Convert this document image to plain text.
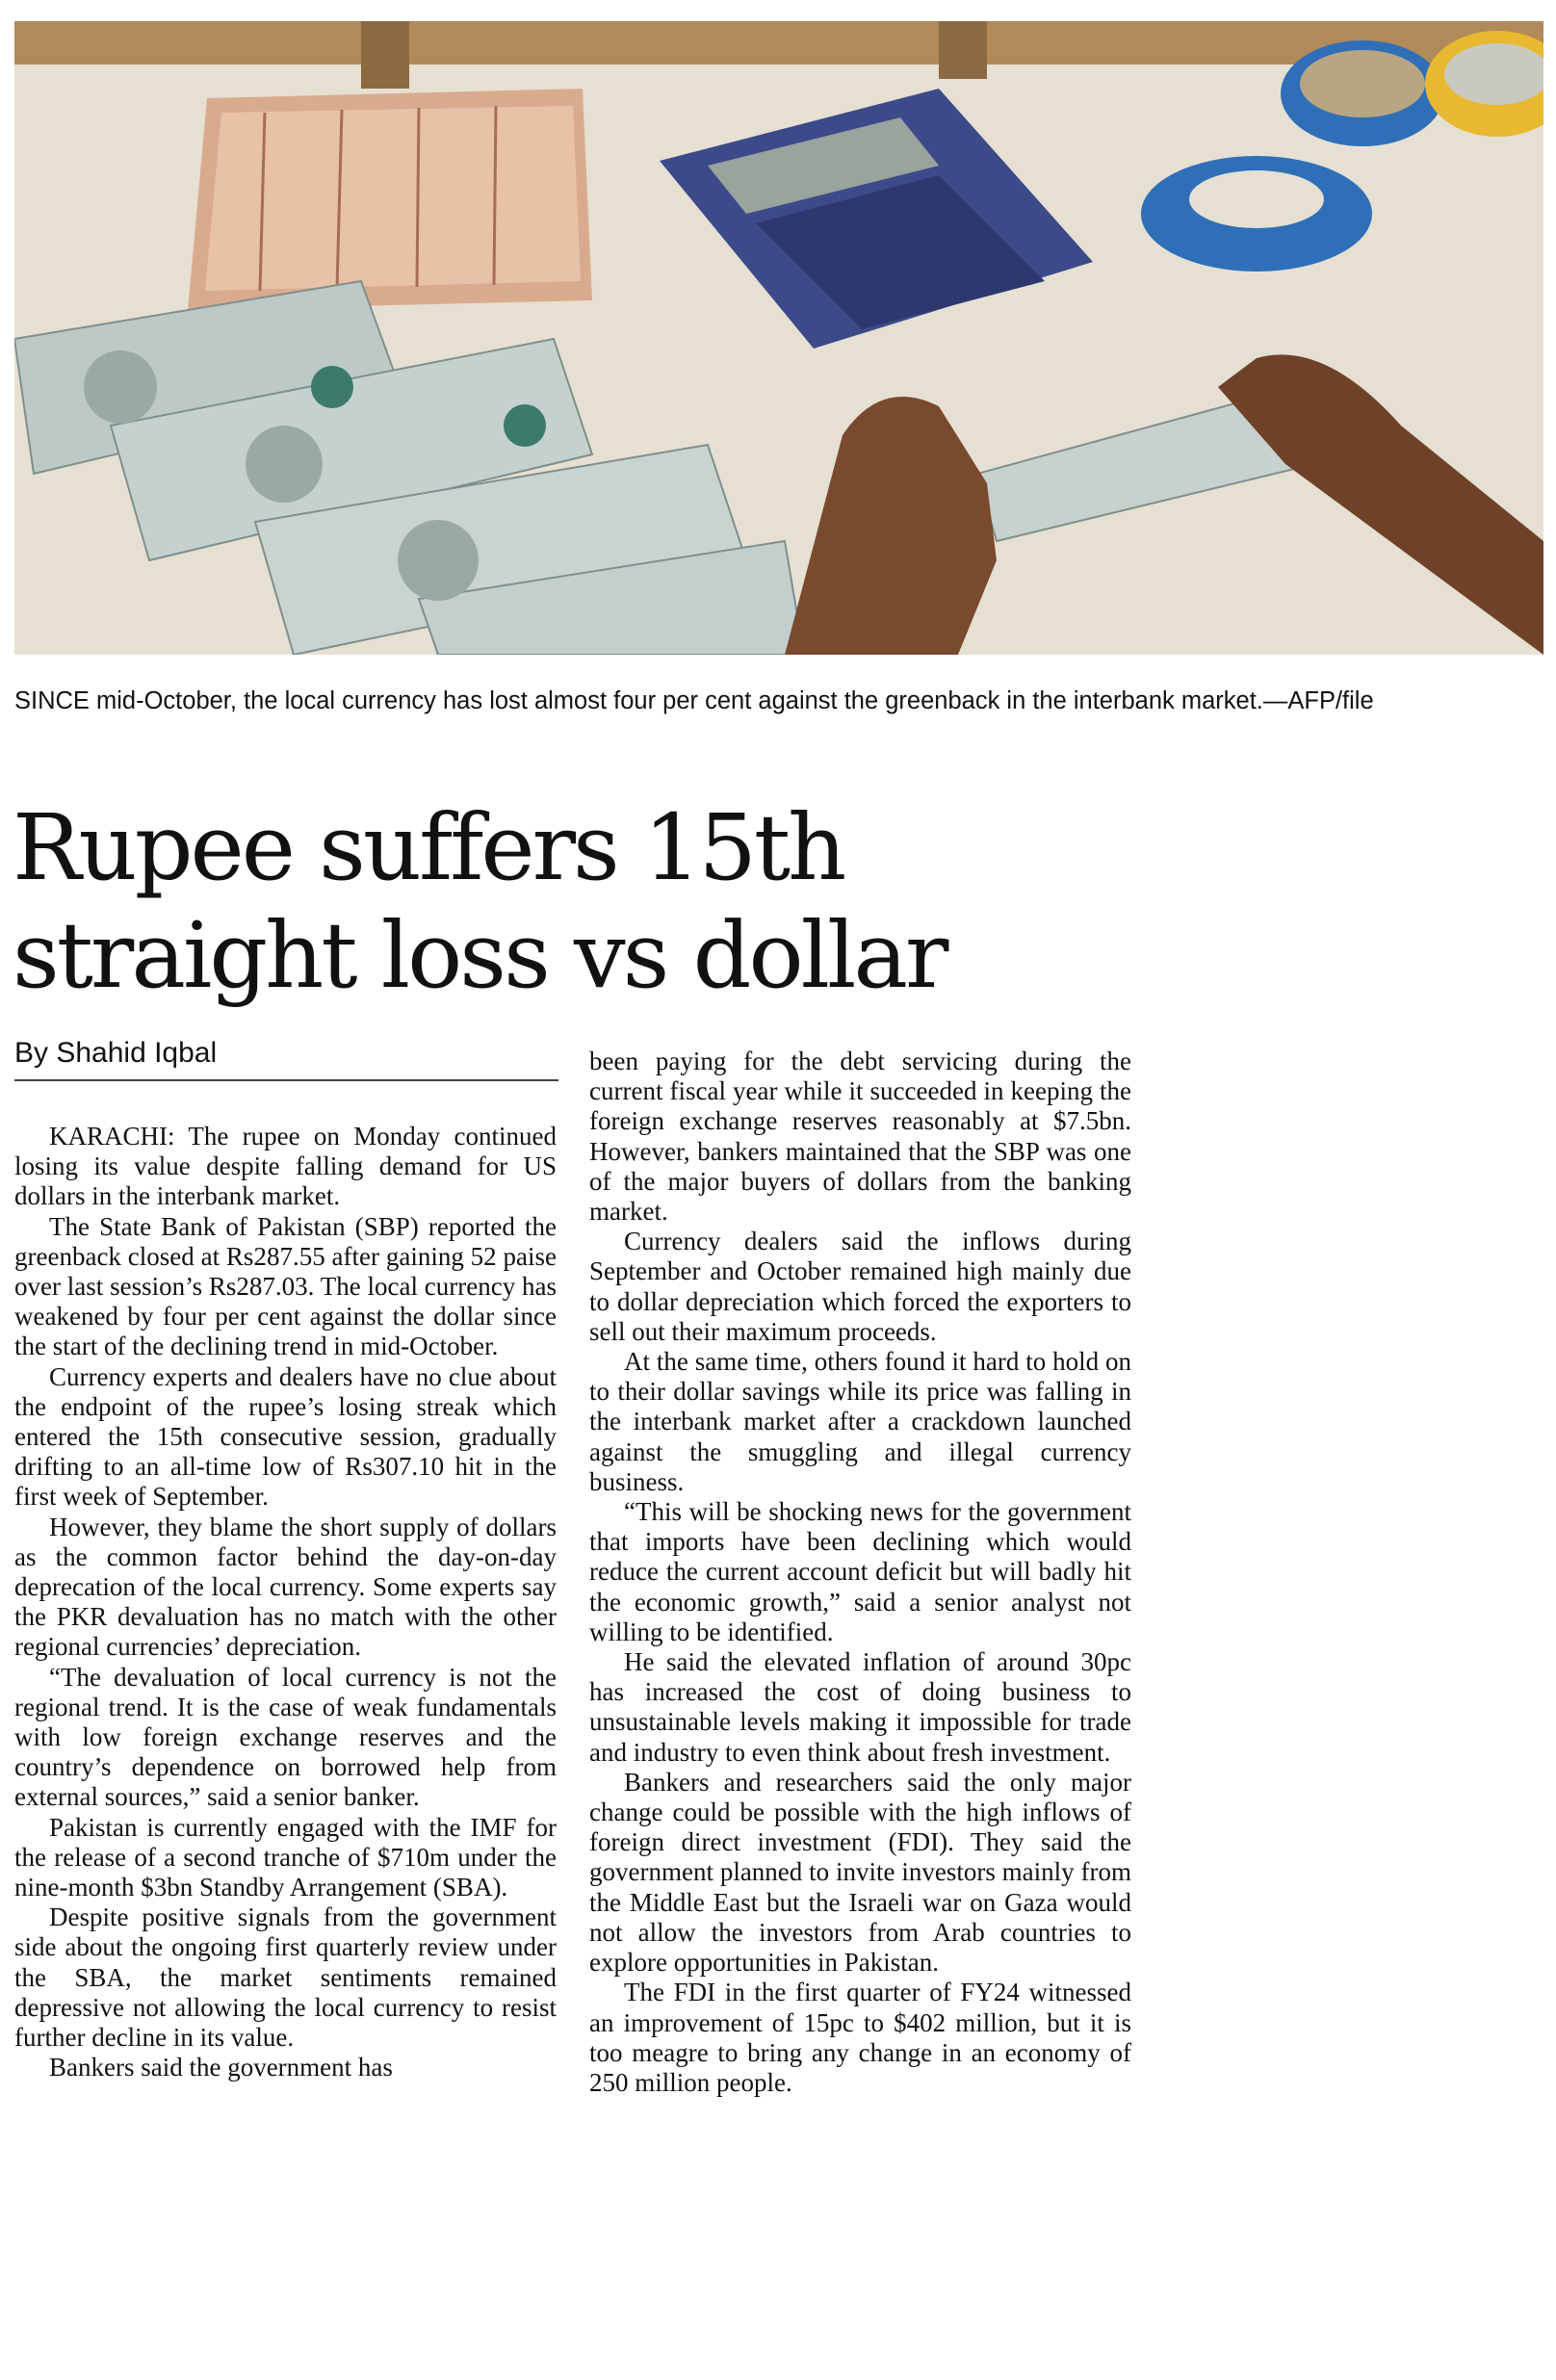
SINCE mid-October, the local currency has lost almost four per cent against the greenback in the interbank market.—AFP/file
Rupee suffers 15th
straight loss vs dollar
By Shahid Iqbal

KARACHI: The rupee on Monday continued losing its value despite falling demand for US dollars in the interbank market.

The State Bank of Pakistan (SBP) reported the greenback closed at Rs287.55 after gaining 52 paise over last session’s Rs287.03. The local currency has weakened by four per cent against the dollar since the start of the declining trend in mid-October.

Currency experts and dealers have no clue about the endpoint of the rupee’s losing streak which entered the 15th consecutive session, gradually drifting to an all-time low of Rs307.10 hit in the first week of September.

However, they blame the short supply of dollars as the common factor behind the day-on-day deprecation of the local currency. Some experts say the PKR devaluation has no match with the other regional currencies’ depreciation.

“The devaluation of local currency is not the regional trend. It is the case of weak fundamentals with low foreign exchange reserves and the country’s dependence on borrowed help from external sources,” said a senior banker.

Pakistan is currently engaged with the IMF for the release of a second tranche of $710m under the nine-month $3bn Standby Arrangement (SBA).

Despite positive signals from the government side about the ongoing first quarterly review under the SBA, the market sentiments remained depressive not allowing the local currency to resist further decline in its value.

Bankers said the government has

been paying for the debt servicing during the current fiscal year while it succeeded in keeping the foreign exchange reserves reasonably at $7.5bn. However, bankers maintained that the SBP was one of the major buyers of dollars from the banking market.

Currency dealers said the inflows during September and October remained high mainly due to dollar depreciation which forced the exporters to sell out their maximum proceeds.

At the same time, others found it hard to hold on to their dollar savings while its price was falling in the interbank market after a crackdown launched against the smuggling and illegal currency business.

“This will be shocking news for the government that imports have been declining which would reduce the current account deficit but will badly hit the economic growth,” said a senior analyst not willing to be identified.

He said the elevated inflation of around 30pc has increased the cost of doing business to unsustainable levels making it impossible for trade and industry to even think about fresh investment.

Bankers and researchers said the only major change could be possible with the high inflows of foreign direct investment (FDI). They said the government planned to invite investors mainly from the Middle East but the Israeli war on Gaza would not allow the investors from Arab countries to explore opportunities in Pakistan.

The FDI in the first quarter of FY24 witnessed an improvement of 15pc to $402 million, but it is too meagre to bring any change in an economy of 250 million people.
